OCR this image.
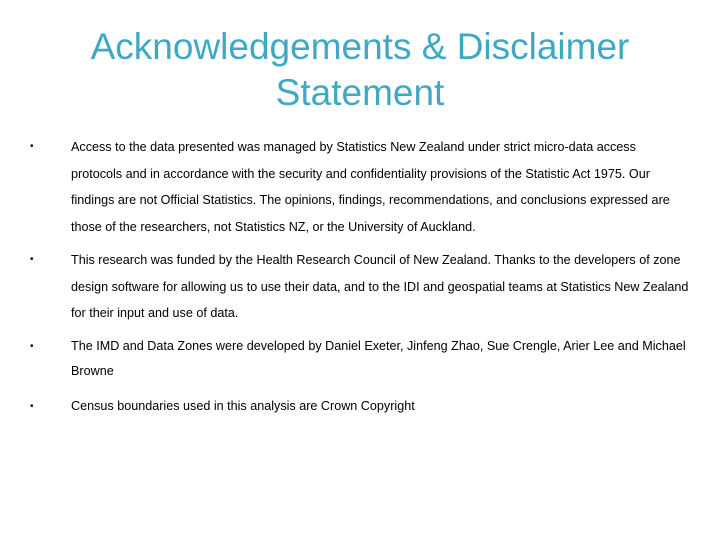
Acknowledgements & Disclaimer
Statement
•	Access to the data presented was managed by Statistics New Zealand under strict micro-data access protocols and in accordance with the security and confidentiality provisions of the Statistic Act 1975. Our findings are not Official Statistics. The opinions, findings, recommendations, and conclusions expressed are those of the researchers, not Statistics NZ, or the University of Auckland.
•	This research was funded by the Health Research Council of New Zealand. Thanks to the developers of zone design software for allowing us to use their data, and to the IDI and geospatial teams at Statistics New Zealand for their input and use of data.
•	The IMD and Data Zones were developed by Daniel Exeter, Jinfeng Zhao, Sue Crengle, Arier Lee and Michael Browne
•	Census boundaries used in this analysis are Crown Copyright
